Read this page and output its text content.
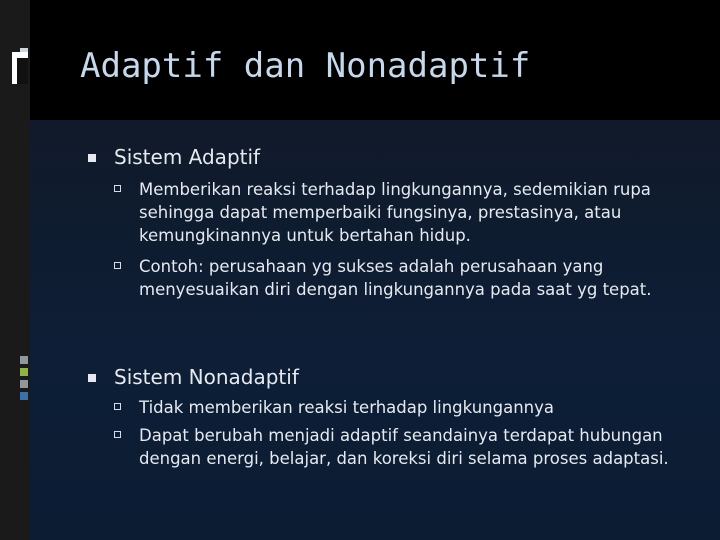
Adaptif dan Nonadaptif
Sistem Adaptif
Memberikan reaksi terhadap lingkungannya, sedemikian rupa sehingga dapat memperbaiki fungsinya, prestasinya, atau kemungkinannya untuk bertahan hidup.
Contoh: perusahaan yg sukses adalah perusahaan yang menyesuaikan diri dengan lingkungannya pada saat yg tepat.
Sistem Nonadaptif
Tidak memberikan reaksi terhadap lingkungannya
Dapat berubah menjadi adaptif seandainya terdapat hubungan dengan energi, belajar, dan koreksi diri selama proses adaptasi.
